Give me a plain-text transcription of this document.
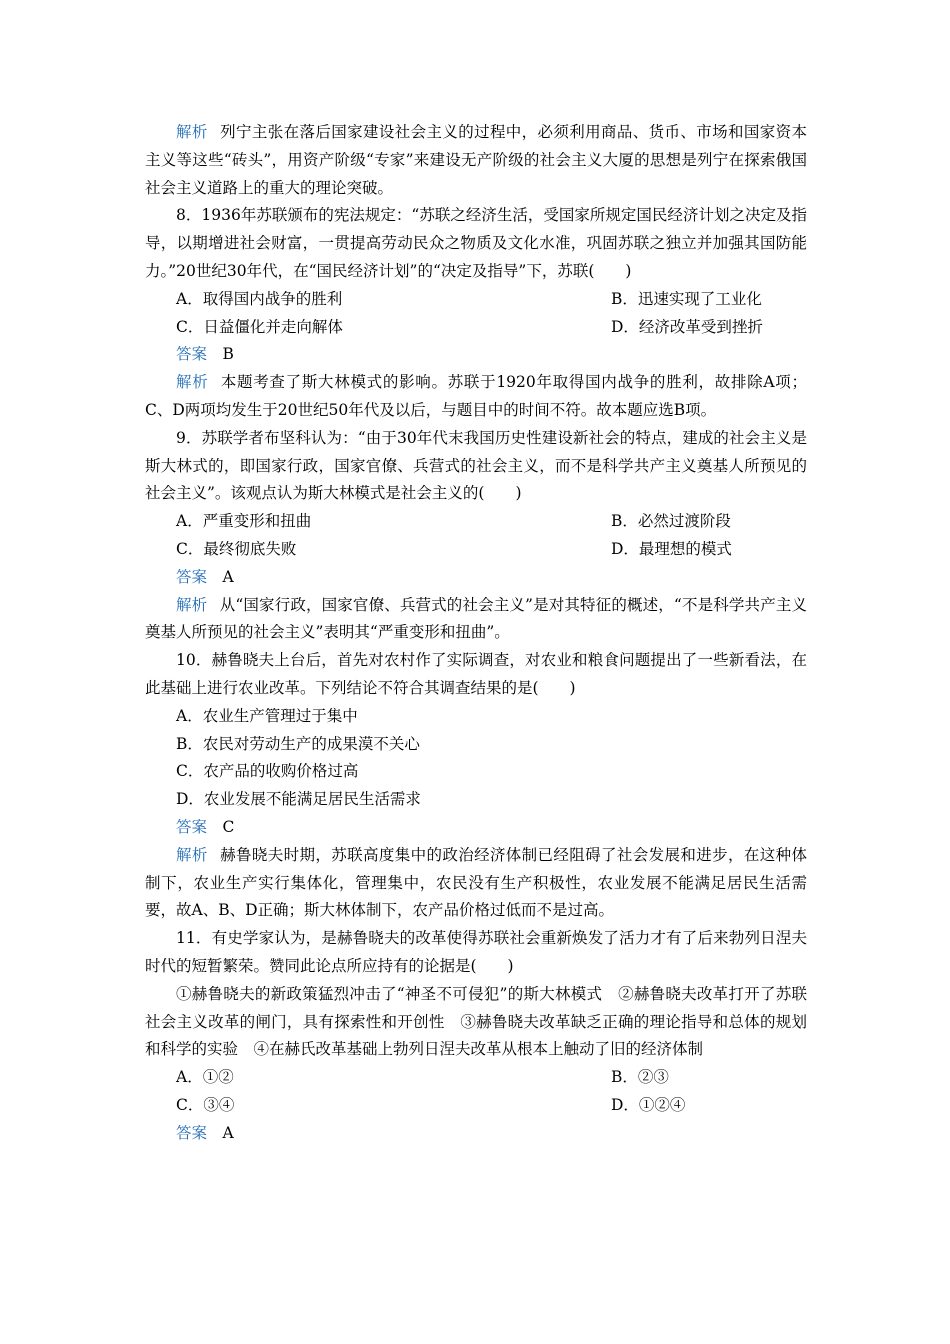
解析 列宁主张在落后国家建设社会主义的过程中，必须利用商品、货币、市场和国家资本主义等这些“砖头”，用资产阶级“专家”来建设无产阶级的社会主义大厦的思想是列宁在探索俄国社会主义道路上的重大的理论突破。

8．1936年苏联颁布的宪法规定：“苏联之经济生活，受国家所规定国民经济计划之决定及指导，以期增进社会财富，一贯提高劳动民众之物质及文化水准，巩固苏联之独立并加强其国防能力。”20世纪30年代，在“国民经济计划”的“决定及指导”下，苏联(　　)

A．取得国内战争的胜利	B．迅速实现了工业化
C．日益僵化并走向解体	D．经济改革受到挫折

答案 B

解析 本题考查了斯大林模式的影响。苏联于1920年取得国内战争的胜利，故排除A项；C、D两项均发生于20世纪50年代及以后，与题目中的时间不符。故本题应选B项。

9．苏联学者布坚科认为：“由于30年代末我国历史性建设新社会的特点，建成的社会主义是斯大林式的，即国家行政，国家官僚、兵营式的社会主义，而不是科学共产主义奠基人所预见的社会主义”。该观点认为斯大林模式是社会主义的(　　)

A．严重变形和扭曲	B．必然过渡阶段
C．最终彻底失败	D．最理想的模式

答案 A

解析 从“国家行政，国家官僚、兵营式的社会主义”是对其特征的概述，“不是科学共产主义奠基人所预见的社会主义”表明其“严重变形和扭曲”。

10．赫鲁晓夫上台后，首先对农村作了实际调查，对农业和粮食问题提出了一些新看法，在此基础上进行农业改革。下列结论不符合其调查结果的是(　　)

A．农业生产管理过于集中

B．农民对劳动生产的成果漠不关心

C．农产品的收购价格过高

D．农业发展不能满足居民生活需求

答案 C

解析 赫鲁晓夫时期，苏联高度集中的政治经济体制已经阻碍了社会发展和进步，在这种体制下，农业生产实行集体化，管理集中，农民没有生产积极性，农业发展不能满足居民生活需要，故A、B、D正确；斯大林体制下，农产品价格过低而不是过高。

11．有史学家认为，是赫鲁晓夫的改革使得苏联社会重新焕发了活力才有了后来勃列日涅夫时代的短暂繁荣。赞同此论点所应持有的论据是(　　)

①赫鲁晓夫的新政策猛烈冲击了“神圣不可侵犯”的斯大林模式　②赫鲁晓夫改革打开了苏联社会主义改革的闸门，具有探索性和开创性　③赫鲁晓夫改革缺乏正确的理论指导和总体的规划和科学的实验　④在赫氏改革基础上勃列日涅夫改革从根本上触动了旧的经济体制

A．①②	B．②③
C．③④	D．①②④

答案 A
